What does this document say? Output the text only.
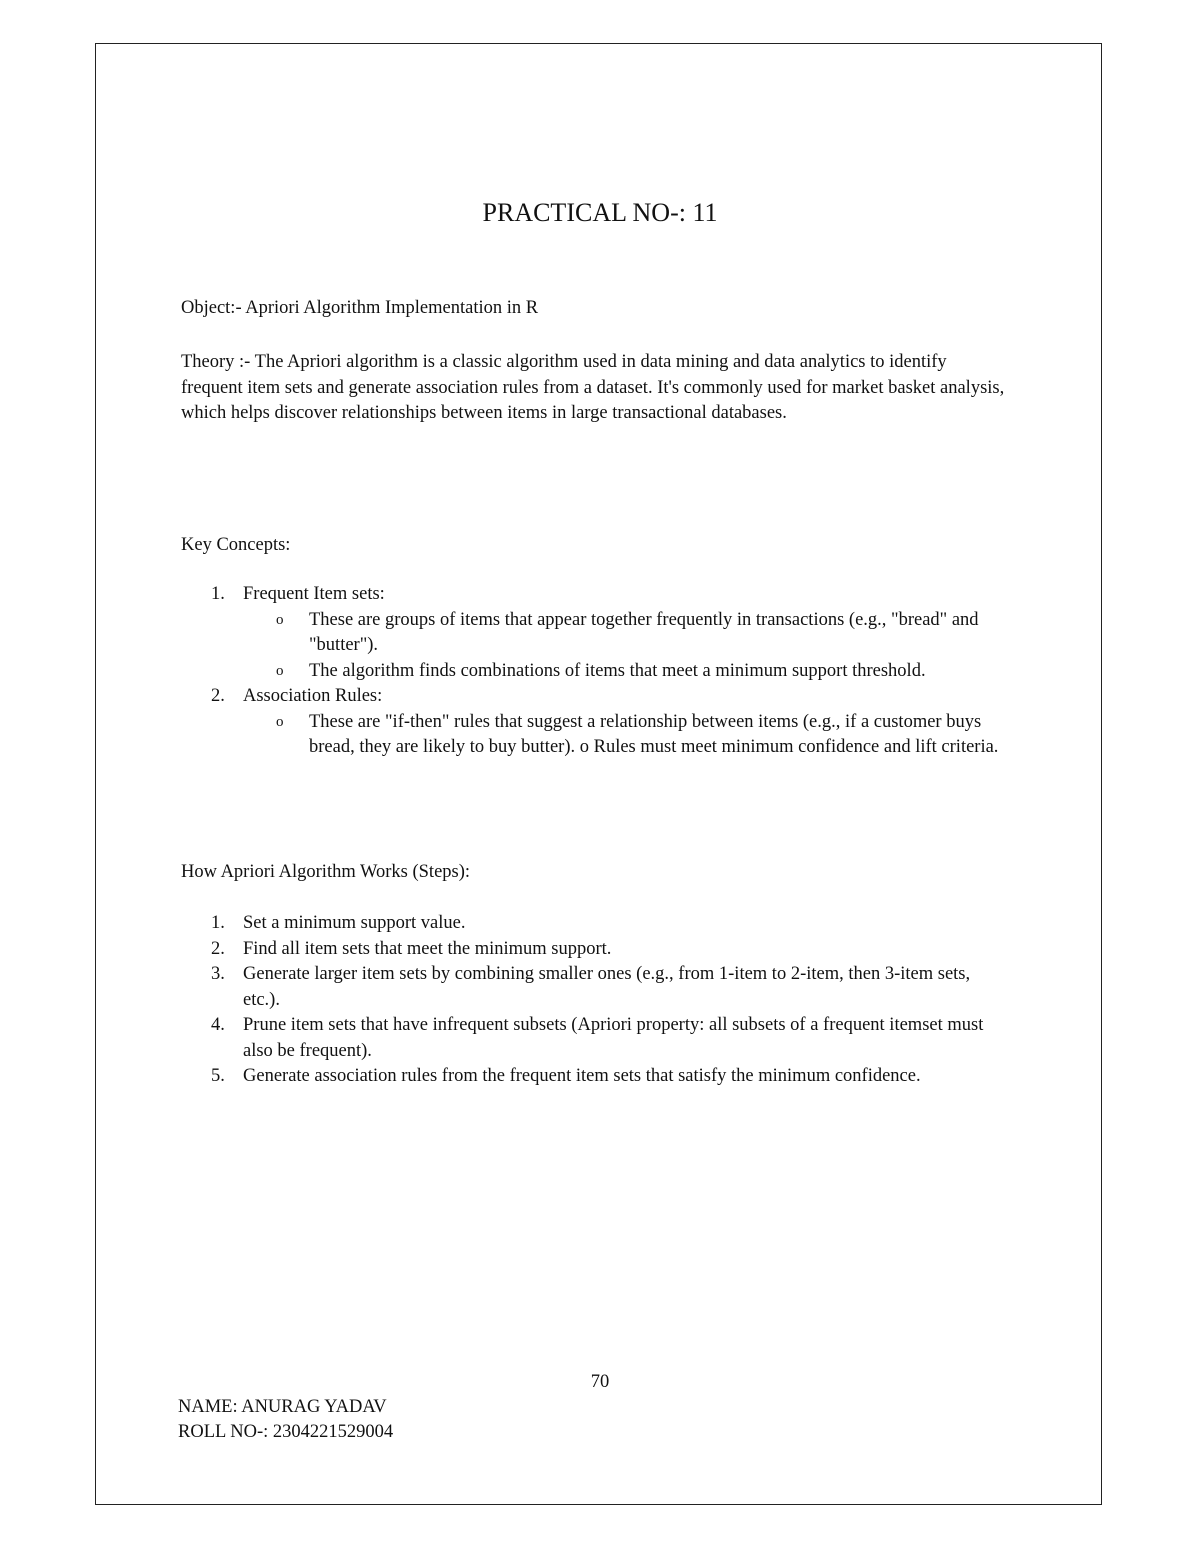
PRACTICAL NO-: 11
Object:- Apriori Algorithm Implementation in R
Theory :- The Apriori algorithm is a classic algorithm used in data mining and data analytics to identify frequent item sets and generate association rules from a dataset. It's commonly used for market basket analysis, which helps discover relationships between items in large transactional databases.
Key Concepts:
1. Frequent Item sets:
o These are groups of items that appear together frequently in transactions (e.g., "bread" and "butter").
o The algorithm finds combinations of items that meet a minimum support threshold.
2. Association Rules:
o These are "if-then" rules that suggest a relationship between items (e.g., if a customer buys bread, they are likely to buy butter). o Rules must meet minimum confidence and lift criteria.
How Apriori Algorithm Works (Steps):
1. Set a minimum support value.
2. Find all item sets that meet the minimum support.
3. Generate larger item sets by combining smaller ones (e.g., from 1-item to 2-item, then 3-item sets, etc.).
4. Prune item sets that have infrequent subsets (Apriori property: all subsets of a frequent itemset must also be frequent).
5. Generate association rules from the frequent item sets that satisfy the minimum confidence.
70
NAME: ANURAG YADAV
ROLL NO-: 2304221529004
